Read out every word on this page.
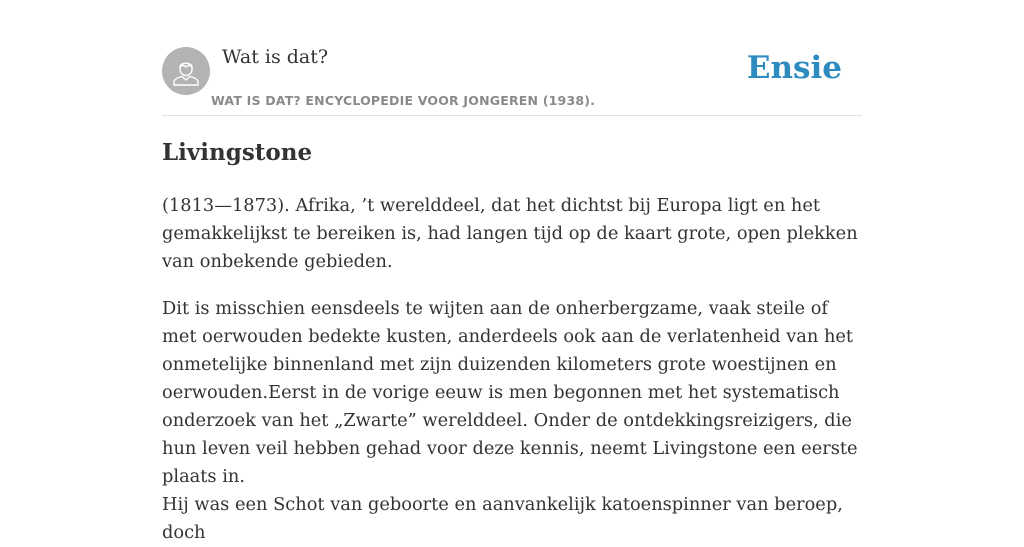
Wat is dat?
WAT IS DAT? ENCYCLOPEDIE VOOR JONGEREN (1938).
Ensie
Livingstone

(1813—1873). Afrika, ’t werelddeel, dat het dichtst bij Europa ligt en het gemakkelijkst te bereiken is, had langen tijd op de kaart grote, open plekken van onbekende gebieden.

Dit is misschien eensdeels te wijten aan de onherbergzame, vaak steile of met oerwouden bedekte kusten, anderdeels ook aan de verlatenheid van het onmetelijke binnenland met zijn duizenden kilometers grote woestijnen en oerwouden.Eerst in de vorige eeuw is men begonnen met het systematisch onderzoek van het „Zwarte” werelddeel. Onder de ontdekkingsreizigers, die hun leven veil hebben gehad voor deze kennis, neemt Livingstone een eerste plaats in.

Hij was een Schot van geboorte en aanvankelijk katoenspinner van beroep, doch
